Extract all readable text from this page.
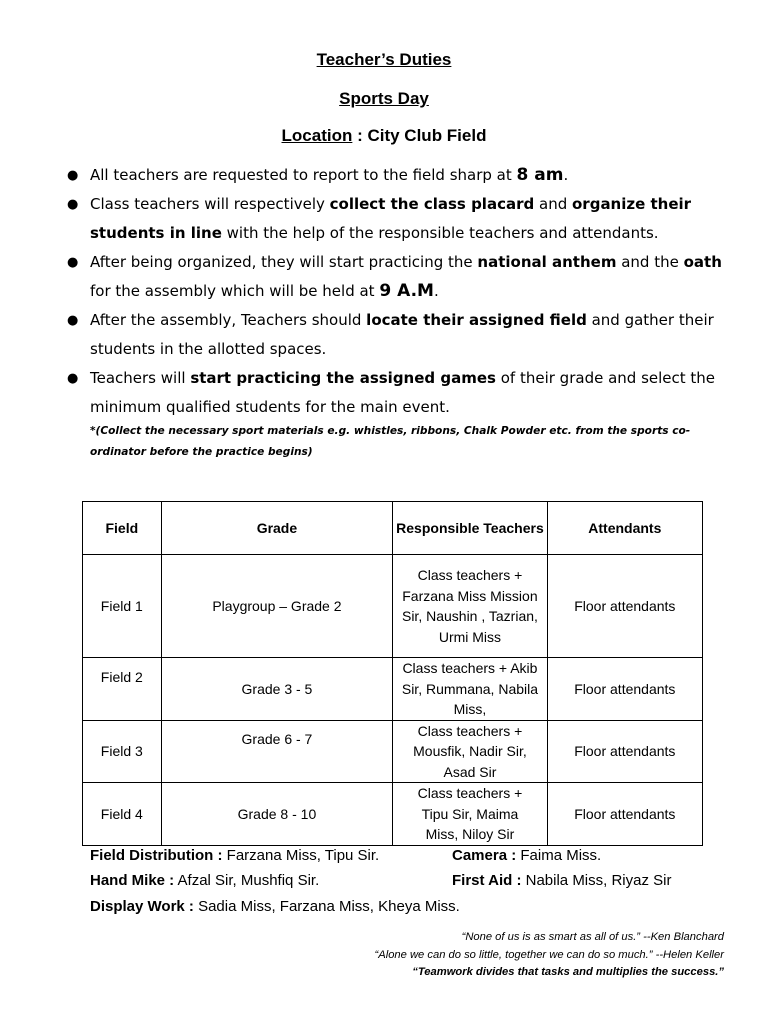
Teacher’s Duties
Sports Day
Location : City Club Field
● All teachers are requested to report to the field sharp at 8 am.
● Class teachers will respectively collect the class placard and organize their students in line with the help of the responsible teachers and attendants.
● After being organized, they will start practicing the national anthem and the oath for the assembly which will be held at 9 A.M.
● After the assembly, Teachers should locate their assigned field and gather their students in the allotted spaces.
● Teachers will start practicing the assigned games of their grade and select the minimum qualified students for the main event.
*(Collect the necessary sport materials e.g. whistles, ribbons, Chalk Powder etc. from the sports co-ordinator before the practice begins)
Field	Grade	Responsible Teachers	Attendants
Field 1	Playgroup – Grade 2	Class teachers + Farzana Miss Mission Sir, Naushin , Tazrian, Urmi Miss	Floor attendants

Field 2	Grade 3 - 5	Class teachers + Akib Sir, Rummana, Nabila Miss,	Floor attendants
Field 3	Grade 6 - 7	Class teachers + Mousfik, Nadir Sir, Asad Sir	Floor attendants
Field 4	Grade 8 - 10	Class teachers + Tipu Sir, Maima Miss, Niloy Sir	Floor attendants
Field Distribution : Farzana Miss, Tipu Sir.	Camera : Faima Miss.
Hand Mike : Afzal Sir, Mushfiq Sir.	First Aid : Nabila Miss, Riyaz Sir
Display Work : Sadia Miss, Farzana Miss, Kheya Miss.
“None of us is as smart as all of us.” --Ken Blanchard
“Alone we can do so little, together we can do so much.” --Helen Keller
“Teamwork divides that tasks and multiplies the success.”
